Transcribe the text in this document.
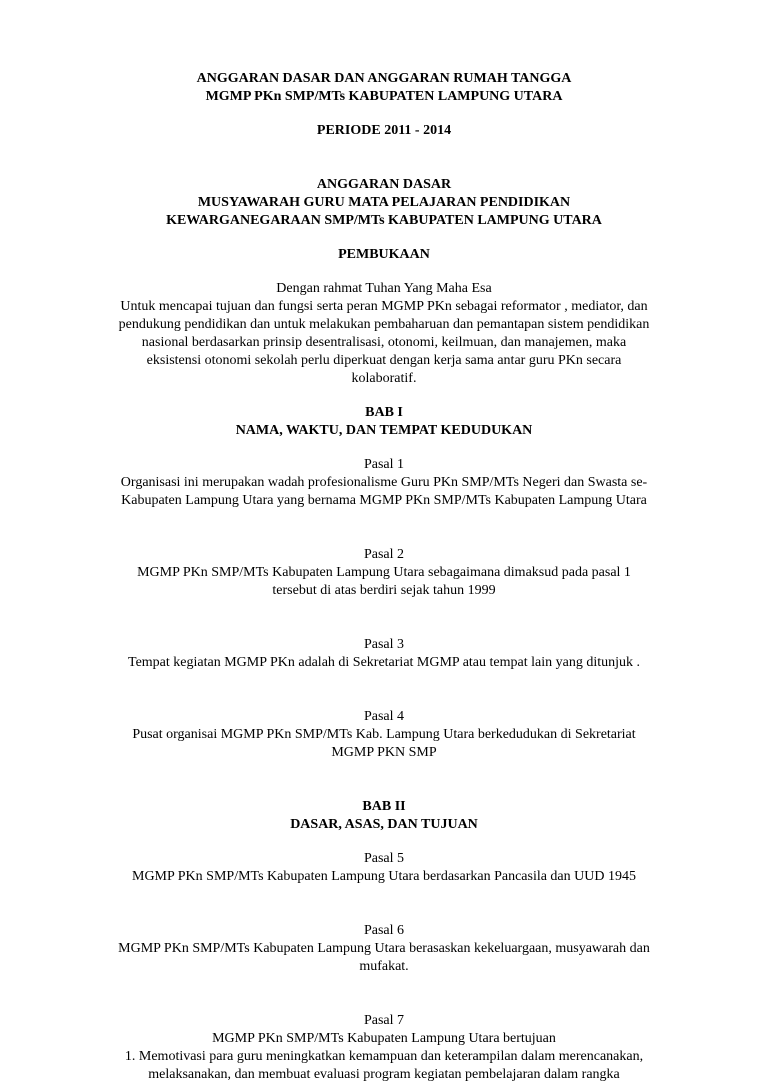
ANGGARAN DASAR DAN ANGGARAN RUMAH TANGGA
MGMP PKn SMP/MTs KABUPATEN LAMPUNG UTARA
PERIODE 2011 - 2014
ANGGARAN DASAR
MUSYAWARAH GURU MATA PELAJARAN PENDIDIKAN
KEWARGANEGARAAN SMP/MTs KABUPATEN LAMPUNG UTARA
PEMBUKAAN
Dengan rahmat Tuhan Yang Maha Esa
Untuk mencapai tujuan dan fungsi serta peran MGMP PKn sebagai reformator , mediator, dan
pendukung pendidikan dan untuk melakukan pembaharuan dan pemantapan sistem pendidikan
nasional berdasarkan prinsip desentralisasi, otonomi, keilmuan, dan manajemen, maka
eksistensi otonomi sekolah perlu diperkuat dengan kerja sama antar guru PKn secara
kolaboratif.
BAB I
NAMA, WAKTU, DAN TEMPAT KEDUDUKAN
Pasal 1
Organisasi ini merupakan wadah profesionalisme Guru PKn SMP/MTs Negeri dan Swasta se-
Kabupaten Lampung Utara yang bernama MGMP PKn SMP/MTs Kabupaten Lampung Utara
Pasal 2
MGMP PKn SMP/MTs Kabupaten Lampung Utara sebagaimana dimaksud pada pasal 1
tersebut di atas berdiri sejak tahun 1999
Pasal 3
Tempat kegiatan MGMP PKn adalah di Sekretariat MGMP atau tempat lain yang ditunjuk .
Pasal 4
Pusat organisai MGMP PKn SMP/MTs Kab. Lampung Utara berkedudukan di Sekretariat
MGMP PKN SMP
BAB II
DASAR, ASAS, DAN TUJUAN
Pasal 5
MGMP PKn SMP/MTs Kabupaten Lampung Utara berdasarkan Pancasila dan UUD 1945
Pasal 6
MGMP PKn SMP/MTs Kabupaten Lampung Utara berasaskan kekeluargaan, musyawarah dan
mufakat.
Pasal 7
MGMP PKn SMP/MTs Kabupaten Lampung Utara bertujuan
1. Memotivasi para guru meningkatkan kemampuan dan keterampilan dalam merencanakan,
melaksanakan, dan membuat evaluasi program kegiatan pembelajaran dalam rangka
